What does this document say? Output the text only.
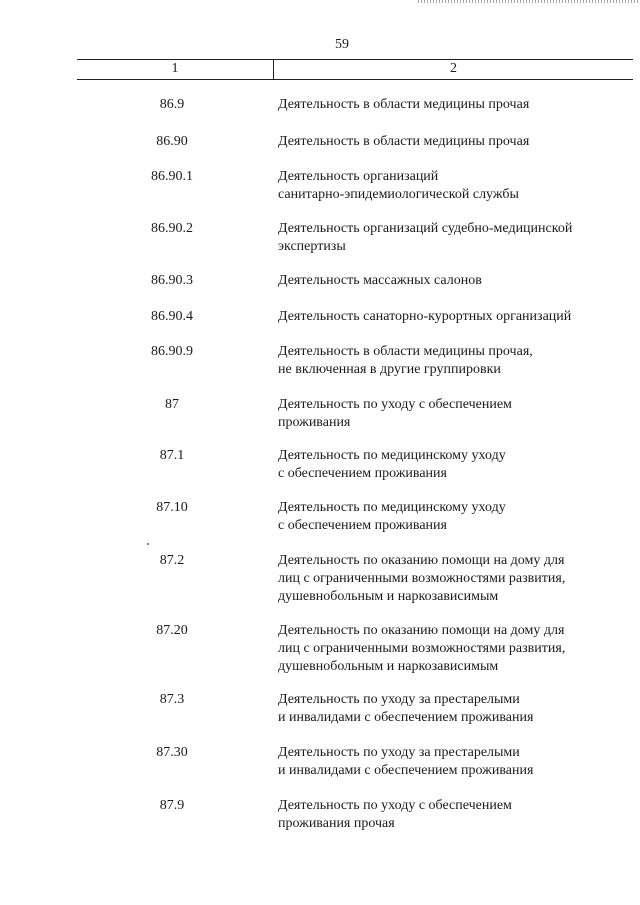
59
1	2
86.9	Деятельность в области медицины прочая
86.90	Деятельность в области медицины прочая
86.90.1	Деятельность организаций
санитарно-эпидемиологической службы
86.90.2	Деятельность организаций судебно-медицинской
экспертизы
86.90.3	Деятельность массажных салонов
86.90.4	Деятельность санаторно-курортных организаций
86.90.9	Деятельность в области медицины прочая,
не включенная в другие группировки
87	Деятельность по уходу с обеспечением
проживания
87.1	Деятельность по медицинскому уходу
с обеспечением проживания
87.10	Деятельность по медицинскому уходу
с обеспечением проживания
87.2	Деятельность по оказанию помощи на дому для
лиц с ограниченными возможностями развития,
душевнобольным и наркозависимым
87.20	Деятельность по оказанию помощи на дому для
лиц с ограниченными возможностями развития,
душевнобольным и наркозависимым
87.3	Деятельность по уходу за престарелыми
и инвалидами с обеспечением проживания
87.30	Деятельность по уходу за престарелыми
и инвалидами с обеспечением проживания
87.9	Деятельность по уходу с обеспечением
проживания прочая
